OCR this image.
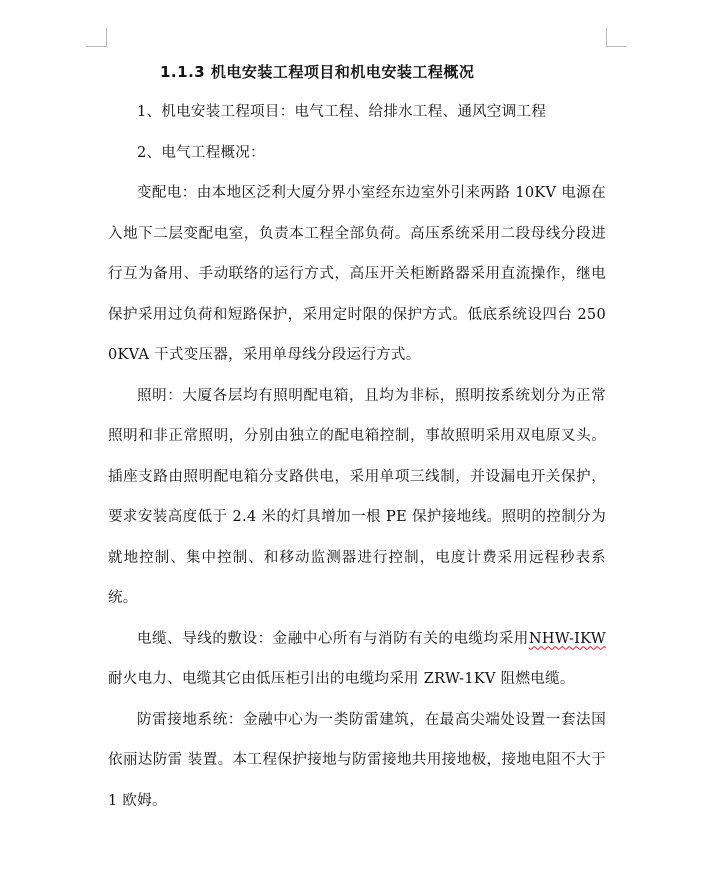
1.1.3 机电安装工程项目和机电安装工程概况

1、机电安装工程项目：电气工程、给排水工程、通风空调工程

2、电气工程概况：

变配电：由本地区泛利大厦分界小室经东边室外引来两路 10KV 电源在入地下二层变配电室，负责本工程全部负荷。高压系统采用二段母线分段进行互为备用、手动联络的运行方式，高压开关柜断路器采用直流操作，继电保护采用过负荷和短路保护，采用定时限的保护方式。低底系统设四台 2500KVA 干式变压器，采用单母线分段运行方式。

照明：大厦各层均有照明配电箱，且均为非标，照明按系统划分为正常照明和非正常照明，分别由独立的配电箱控制，事故照明采用双电原叉头。插座支路由照明配电箱分支路供电，采用单项三线制，并设漏电开关保护，要求安装高度低于 2.4 米的灯具增加一根 PE 保护接地线。照明的控制分为就地控制、集中控制、和移动监测器进行控制，电度计费采用远程秒表系统。

电缆、导线的敷设：金融中心所有与消防有关的电缆均采用NHW-IKW耐火电力、电缆其它由低压柜引出的电缆均采用 ZRW-1KV 阻燃电缆。

防雷接地系统：金融中心为一类防雷建筑，在最高尖端处设置一套法国依丽达防雷 装置。本工程保护接地与防雷接地共用接地极，接地电阻不大于 1 欧姆。
